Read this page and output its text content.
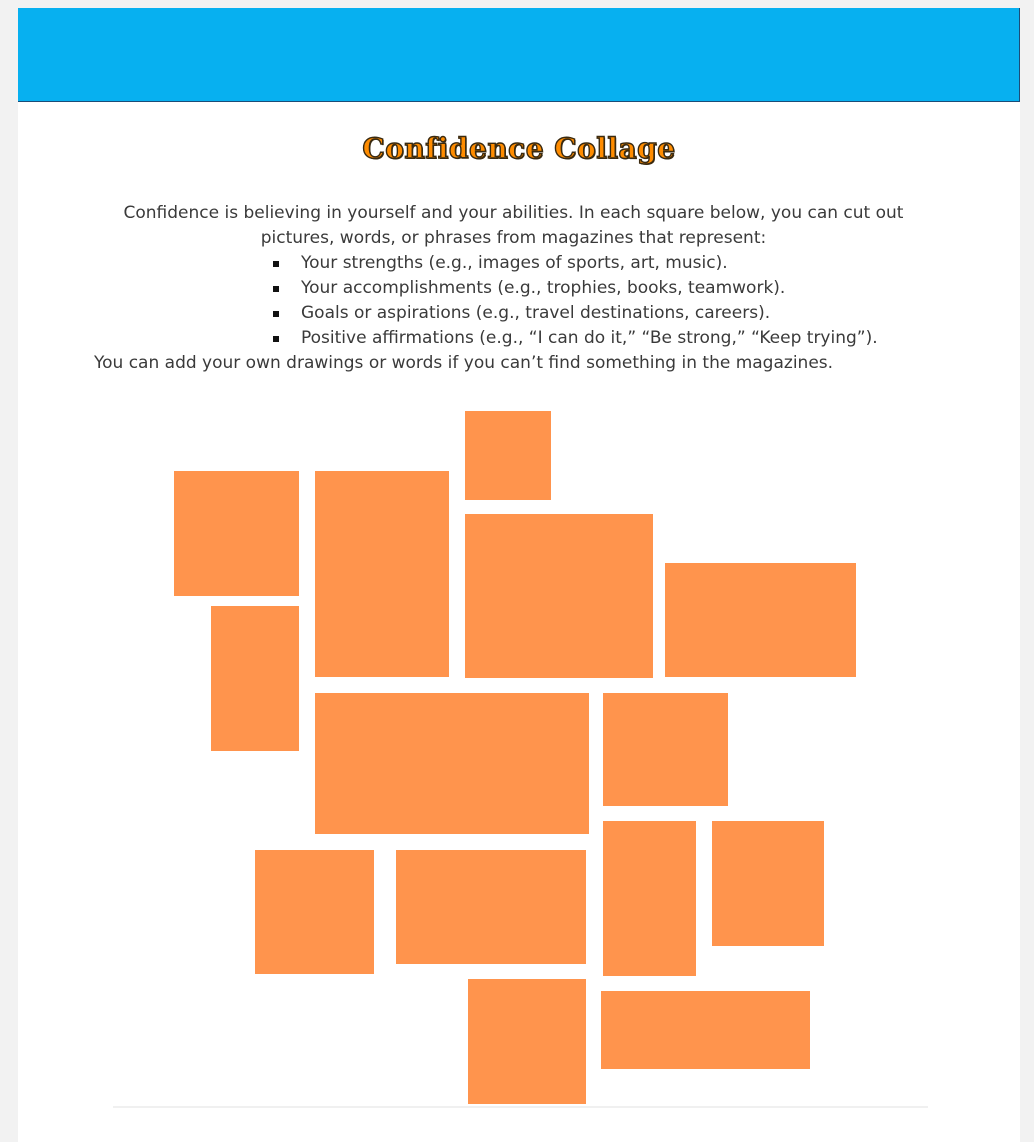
Confidence Collage
Confidence is believing in yourself and your abilities. In each square below, you can cut out pictures, words, or phrases from magazines that represent:
Your strengths (e.g., images of sports, art, music).
Your accomplishments (e.g., trophies, books, teamwork).
Goals or aspirations (e.g., travel destinations, careers).
Positive affirmations (e.g., “I can do it,” “Be strong,” “Keep trying”).
You can add your own drawings or words if you can’t find something in the magazines.
